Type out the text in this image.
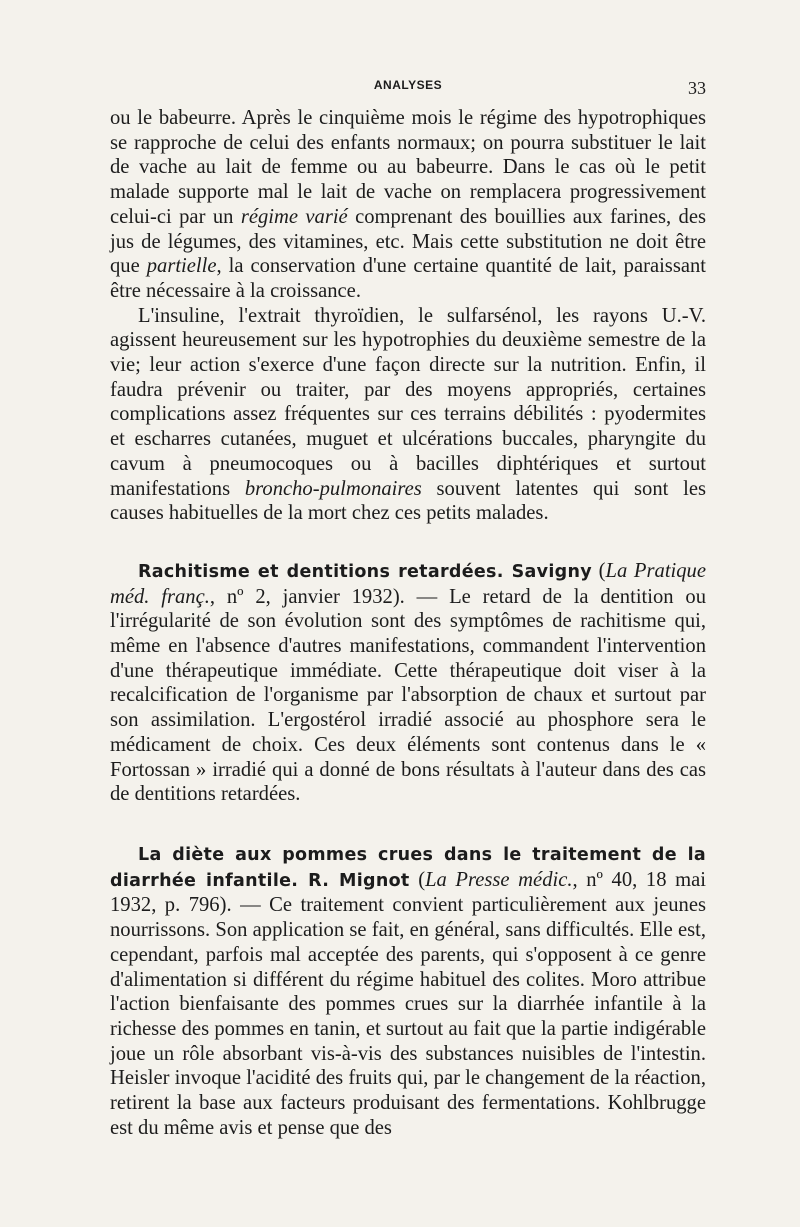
ANALYSES	33

ou le babeurre. Après le cinquième mois le régime des hypotrophiques se rapproche de celui des enfants normaux; on pourra substituer le lait de vache au lait de femme ou au babeurre. Dans le cas où le petit malade supporte mal le lait de vache on remplacera progressivement celui-ci par un régime varié comprenant des bouillies aux farines, des jus de légumes, des vitamines, etc. Mais cette substitution ne doit être que partielle, la conservation d'une certaine quantité de lait, paraissant être nécessaire à la croissance.

L'insuline, l'extrait thyroïdien, le sulfarsénol, les rayons U.-V. agissent heureusement sur les hypotrophies du deuxième semestre de la vie; leur action s'exerce d'une façon directe sur la nutrition. Enfin, il faudra prévenir ou traiter, par des moyens appropriés, certaines complications assez fréquentes sur ces terrains débilités : pyodermites et escharres cutanées, muguet et ulcérations buccales, pharyngite du cavum à pneumocoques ou à bacilles diphtériques et surtout manifestations broncho-pulmonaires souvent latentes qui sont les causes habituelles de la mort chez ces petits malades.

Rachitisme et dentitions retardées. Savigny (La Pratique méd. franç., nº 2, janvier 1932). — Le retard de la dentition ou l'irrégularité de son évolution sont des symptômes de rachitisme qui, même en l'absence d'autres manifestations, commandent l'intervention d'une thérapeutique immédiate. Cette thérapeutique doit viser à la recalcification de l'organisme par l'absorption de chaux et surtout par son assimilation. L'ergostérol irradié associé au phosphore sera le médicament de choix. Ces deux éléments sont contenus dans le « Fortossan » irradié qui a donné de bons résultats à l'auteur dans des cas de dentitions retardées.

La diète aux pommes crues dans le traitement de la diarrhée infantile. R. Mignot (La Presse médic., nº 40, 18 mai 1932, p. 796). — Ce traitement convient particulièrement aux jeunes nourrissons. Son application se fait, en général, sans difficultés. Elle est, cependant, parfois mal acceptée des parents, qui s'opposent à ce genre d'alimentation si différent du régime habituel des colites. Moro attribue l'action bienfaisante des pommes crues sur la diarrhée infantile à la richesse des pommes en tanin, et surtout au fait que la partie indigérable joue un rôle absorbant vis-à-vis des substances nuisibles de l'intestin. Heisler invoque l'acidité des fruits qui, par le changement de la réaction, retirent la base aux facteurs produisant des fermentations. Kohlbrugge est du même avis et pense que des
